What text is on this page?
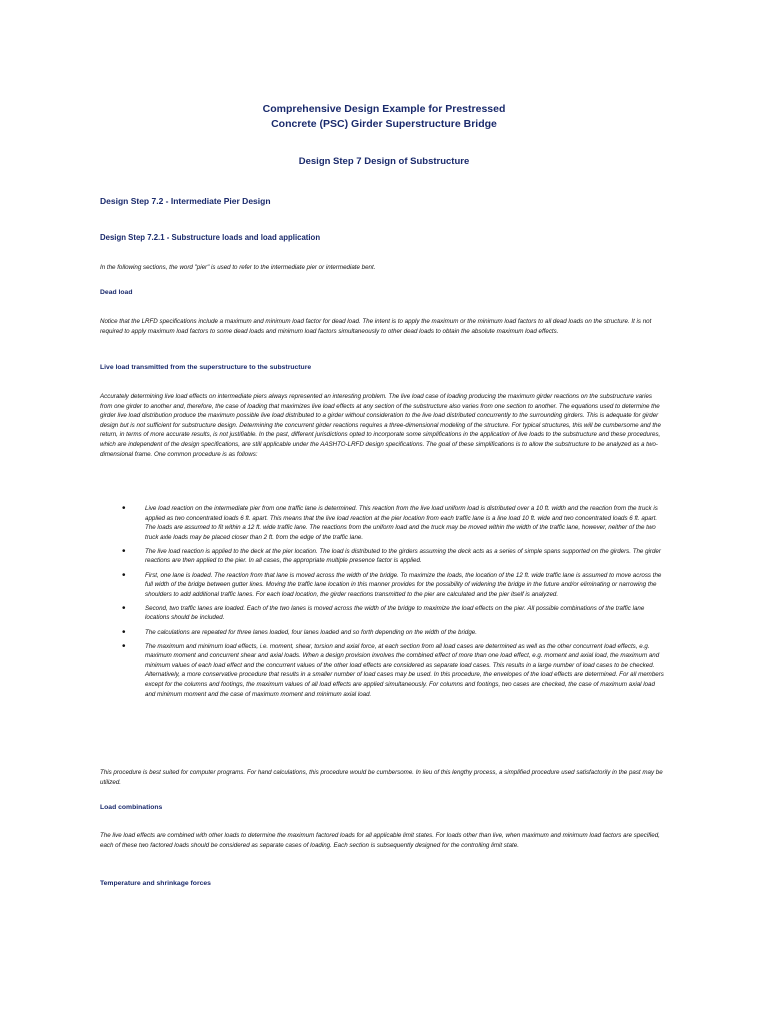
Comprehensive Design Example for Prestressed
Concrete (PSC) Girder Superstructure Bridge
Design Step 7 Design of Substructure
Design Step 7.2 - Intermediate Pier Design
Design Step 7.2.1 - Substructure loads and load application
In the following sections, the word "pier" is used to refer to the intermediate pier or intermediate bent.
Dead load
Notice that the LRFD specifications include a maximum and minimum load factor for dead load. The intent is to apply the maximum or the minimum load factors to all dead loads on the structure. It is not required to apply maximum load factors to some dead loads and minimum load factors simultaneously to other dead loads to obtain the absolute maximum load effects.
Live load transmitted from the superstructure to the substructure
Accurately determining live load effects on intermediate piers always represented an interesting problem. The live load case of loading producing the maximum girder reactions on the substructure varies from one girder to another and, therefore, the case of loading that maximizes live load effects at any section of the substructure also varies from one section to another. The equations used to determine the girder live load distribution produce the maximum possible live load distributed to a girder without consideration to the live load distributed concurrently to the surrounding girders. This is adequate for girder design but is not sufficient for substructure design. Determining the concurrent girder reactions requires a three-dimensional modeling of the structure. For typical structures, this will be cumbersome and the return, in terms of more accurate results, is not justifiable. In the past, different jurisdictions opted to incorporate some simplifications in the application of live loads to the substructure and these procedures, which are independent of the design specifications, are still applicable under the AASHTO-LRFD design specifications. The goal of these simplifications is to allow the substructure to be analyzed as a two-dimensional frame. One common procedure is as follows:
•	Live load reaction on the intermediate pier from one traffic lane is determined. This reaction from the live load uniform load is distributed over a 10 ft. width and the reaction from the truck is applied as two concentrated loads 6 ft. apart. This means that the live load reaction at the pier location from each traffic lane is a line load 10 ft. wide and two concentrated loads 6 ft. apart. The loads are assumed to fit within a 12 ft. wide traffic lane. The reactions from the uniform load and the truck may be moved within the width of the traffic lane, however, neither of the two truck axle loads may be placed closer than 2 ft. from the edge of the traffic lane.
•	The live load reaction is applied to the deck at the pier location. The load is distributed to the girders assuming the deck acts as a series of simple spans supported on the girders. The girder reactions are then applied to the pier. In all cases, the appropriate multiple presence factor is applied.
•	First, one lane is loaded. The reaction from that lane is moved across the width of the bridge. To maximize the loads, the location of the 12 ft. wide traffic lane is assumed to move across the full width of the bridge between gutter lines. Moving the traffic lane location in this manner provides for the possibility of widening the bridge in the future and/or eliminating or narrowing the shoulders to add additional traffic lanes. For each load location, the girder reactions transmitted to the pier are calculated and the pier itself is analyzed.
•	Second, two traffic lanes are loaded. Each of the two lanes is moved across the width of the bridge to maximize the load effects on the pier. All possible combinations of the traffic lane locations should be included.
•	The calculations are repeated for three lanes loaded, four lanes loaded and so forth depending on the width of the bridge.
•	The maximum and minimum load effects, i.e. moment, shear, torsion and axial force, at each section from all load cases are determined as well as the other concurrent load effects, e.g. maximum moment and concurrent shear and axial loads. When a design provision involves the combined effect of more than one load effect, e.g. moment and axial load, the maximum and minimum values of each load effect and the concurrent values of the other load effects are considered as separate load cases. This results in a large number of load cases to be checked. Alternatively, a more conservative procedure that results in a smaller number of load cases may be used. In this procedure, the envelopes of the load effects are determined. For all members except for the columns and footings, the maximum values of all load effects are applied simultaneously. For columns and footings, two cases are checked, the case of maximum axial load and minimum moment and the case of maximum moment and minimum axial load.
This procedure is best suited for computer programs. For hand calculations, this procedure would be cumbersome. In lieu of this lengthy process, a simplified procedure used satisfactorily in the past may be utilized.
Load combinations
The live load effects are combined with other loads to determine the maximum factored loads for all applicable limit states. For loads other than live, when maximum and minimum load factors are specified, each of these two factored loads should be considered as separate cases of loading. Each section is subsequently designed for the controlling limit state.
Temperature and shrinkage forces
